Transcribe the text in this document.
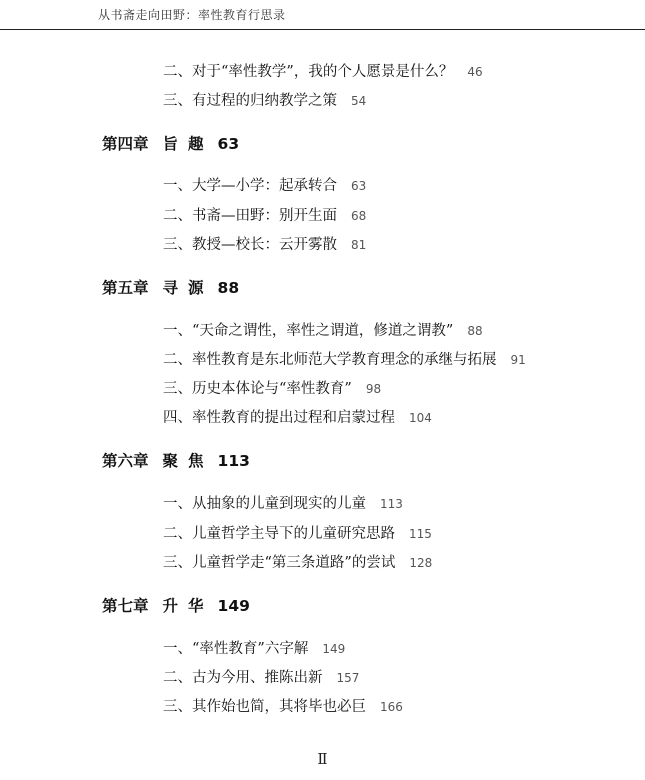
从书斋走向田野：率性教育行思录
二、对于“率性教学”，我的个人愿景是什么？ 46
三、有过程的归纳教学之策 54
第四章 旨趣 63
一、大学—小学：起承转合 63
二、书斋—田野：别开生面 68
三、教授—校长：云开雾散 81
第五章 寻源 88
一、“天命之谓性，率性之谓道，修道之谓教” 88
二、率性教育是东北师范大学教育理念的承继与拓展 91
三、历史本体论与“率性教育” 98
四、率性教育的提出过程和启蒙过程 104
第六章 聚焦 113
一、从抽象的儿童到现实的儿童 113
二、儿童哲学主导下的儿童研究思路 115
三、儿童哲学走“第三条道路”的尝试 128
第七章 升华 149
一、“率性教育”六字解 149
二、古为今用、推陈出新 157
三、其作始也简，其将毕也必巨 166
Ⅱ
